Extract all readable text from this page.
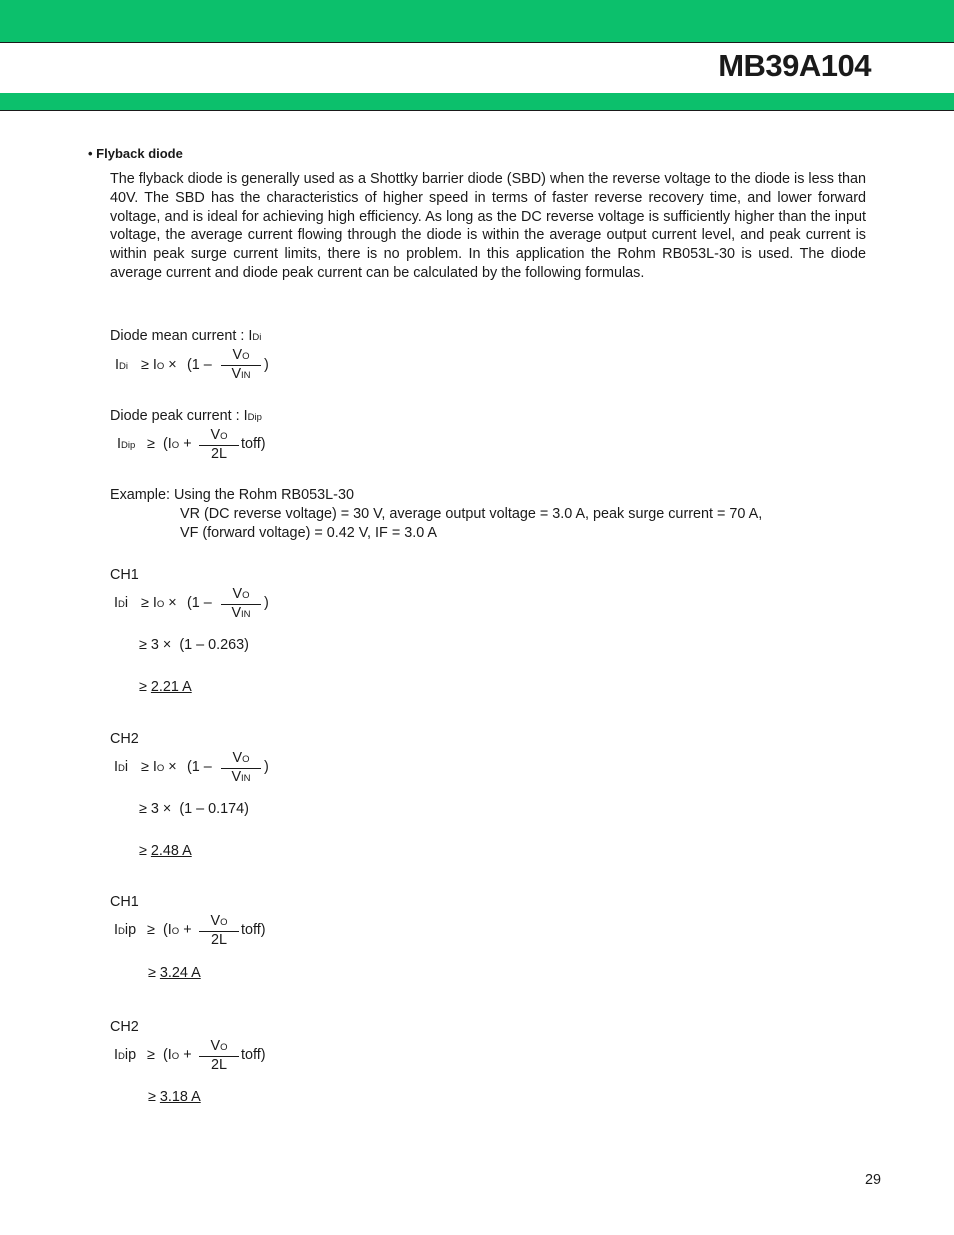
MB39A104
• Flyback diode

The flyback diode is generally used as a Shottky barrier diode (SBD) when the reverse voltage to the diode is less than 40V. The SBD has the characteristics of higher speed in terms of faster reverse recovery time, and lower forward voltage, and is ideal for achieving high efficiency. As long as the DC reverse voltage is sufficiently higher than the input voltage, the average current flowing through the diode is within the average output current level, and peak current is within peak surge current limits, there is no problem. In this application the Rohm RB053L-30 is used. The diode average current and diode peak current can be calculated by the following formulas.

Diode mean current : IDi
IDi ≥ IO × (1 –
VO
VIN
)
Diode peak current : IDip
IDip ≥ (IO +
VO
2L
toff)
Example: Using the Rohm RB053L-30
VR (DC reverse voltage) = 30 V, average output voltage = 3.0 A, peak surge current = 70 A,
VF (forward voltage) = 0.42 V, IF = 3.0 A
CH1
IDi ≥ IO × (1 –
VO
VIN
)
≥ 3 × (1 – 0.263)
≥ 2.21 A
CH2
IDi ≥ IO × (1 –
VO
VIN
)
≥ 3 × (1 – 0.174)
≥ 2.48 A
CH1
IDip ≥ (IO +
VO
2L
toff)
≥ 3.24 A
CH2
IDip ≥ (IO +
VO
2L
toff)
≥ 3.18 A
29
